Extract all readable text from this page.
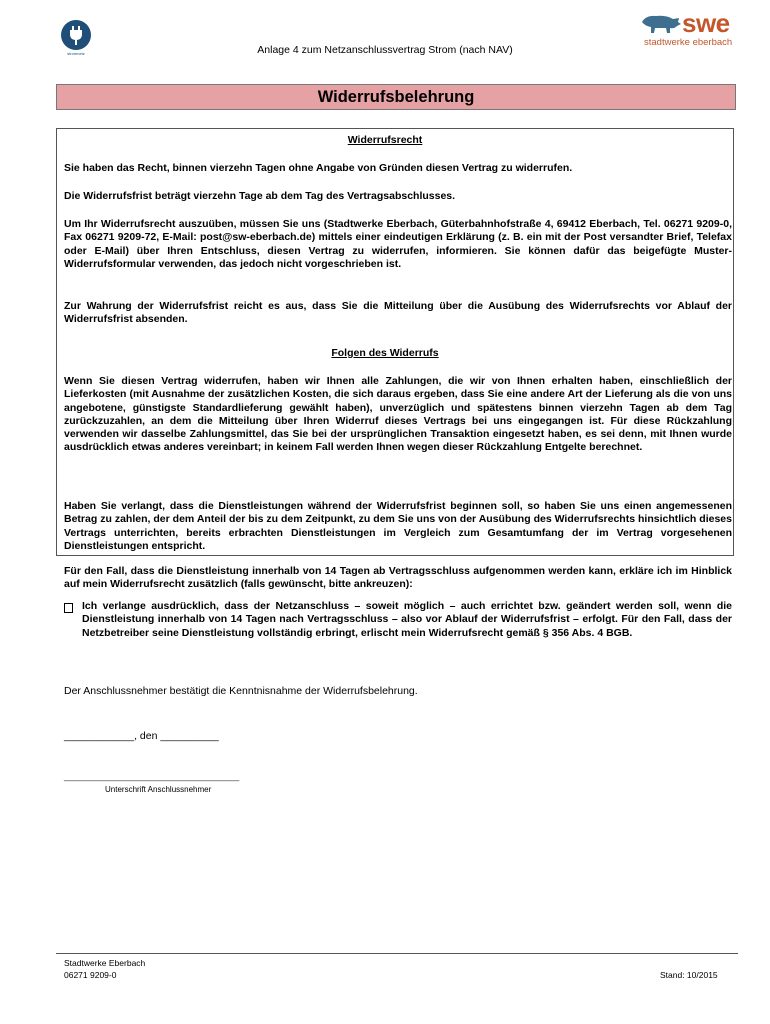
stromnetz	Anlage 4 zum Netzanschlussvertrag Strom (nach NAV)
swe
stadtwerke eberbach
Widerrufsbelehrung
Widerrufsrecht
Sie haben das Recht, binnen vierzehn Tagen ohne Angabe von Gründen diesen Vertrag zu widerrufen.
Die Widerrufsfrist beträgt vierzehn Tage ab dem Tag des Vertragsabschlusses.
Um Ihr Widerrufsrecht auszuüben, müssen Sie uns (Stadtwerke Eberbach, Güterbahnhofstraße 4, 69412 Eberbach, Tel. 06271 9209-0, Fax 06271 9209-72, E-Mail: post@sw-eberbach.de) mittels einer eindeutigen Erklärung (z. B. ein mit der Post versandter Brief, Telefax oder E-Mail) über Ihren Entschluss, diesen Vertrag zu widerrufen, informieren. Sie können dafür das beigefügte Muster-Widerrufsformular verwenden, das jedoch nicht vorgeschrieben ist.
Zur Wahrung der Widerrufsfrist reicht es aus, dass Sie die Mitteilung über die Ausübung des Widerrufsrechts vor Ablauf der Widerrufsfrist absenden.
Folgen des Widerrufs
Wenn Sie diesen Vertrag widerrufen, haben wir Ihnen alle Zahlungen, die wir von Ihnen erhalten haben, einschließlich der Lieferkosten (mit Ausnahme der zusätzlichen Kosten, die sich daraus ergeben, dass Sie eine andere Art der Lieferung als die von uns angebotene, günstigste Standardlieferung gewählt haben), unverzüglich und spätestens binnen vierzehn Tagen ab dem Tag zurückzuzahlen, an dem die Mitteilung über Ihren Widerruf dieses Vertrags bei uns eingegangen ist. Für diese Rückzahlung verwenden wir dasselbe Zahlungsmittel, das Sie bei der ursprünglichen Transaktion eingesetzt haben, es sei denn, mit Ihnen wurde ausdrücklich etwas anderes vereinbart; in keinem Fall werden Ihnen wegen dieser Rückzahlung Entgelte berechnet.
Haben Sie verlangt, dass die Dienstleistungen während der Widerrufsfrist beginnen soll, so haben Sie uns einen angemessenen Betrag zu zahlen, der dem Anteil der bis zu dem Zeitpunkt, zu dem Sie uns von der Ausübung des Widerrufsrechts hinsichtlich dieses Vertrags unterrichten, bereits erbrachten Dienstleistungen im Vergleich zum Gesamtumfang der im Vertrag vorgesehenen Dienstleistungen entspricht.
Für den Fall, dass die Dienstleistung innerhalb von 14 Tagen ab Vertragsschluss aufgenommen werden kann, erkläre ich im Hinblick auf mein Widerrufsrecht zusätzlich (falls gewünscht, bitte ankreuzen):
Ich verlange ausdrücklich, dass der Netzanschluss – soweit möglich – auch errichtet bzw. geändert werden soll, wenn die Dienstleistung innerhalb von 14 Tagen nach Vertragsschluss – also vor Ablauf der Widerrufsfrist – erfolgt. Für den Fall, dass der Netzbetreiber seine Dienstleistung vollständig erbringt, erlischt mein Widerrufsrecht gemäß § 356 Abs. 4 BGB.
Der Anschlussnehmer bestätigt die Kenntnisnahme der Widerrufsbelehrung.
____________, den __________
______________________________
Unterschrift Anschlussnehmer
Stadtwerke Eberbach
06271 9209-0	Stand: 10/2015
